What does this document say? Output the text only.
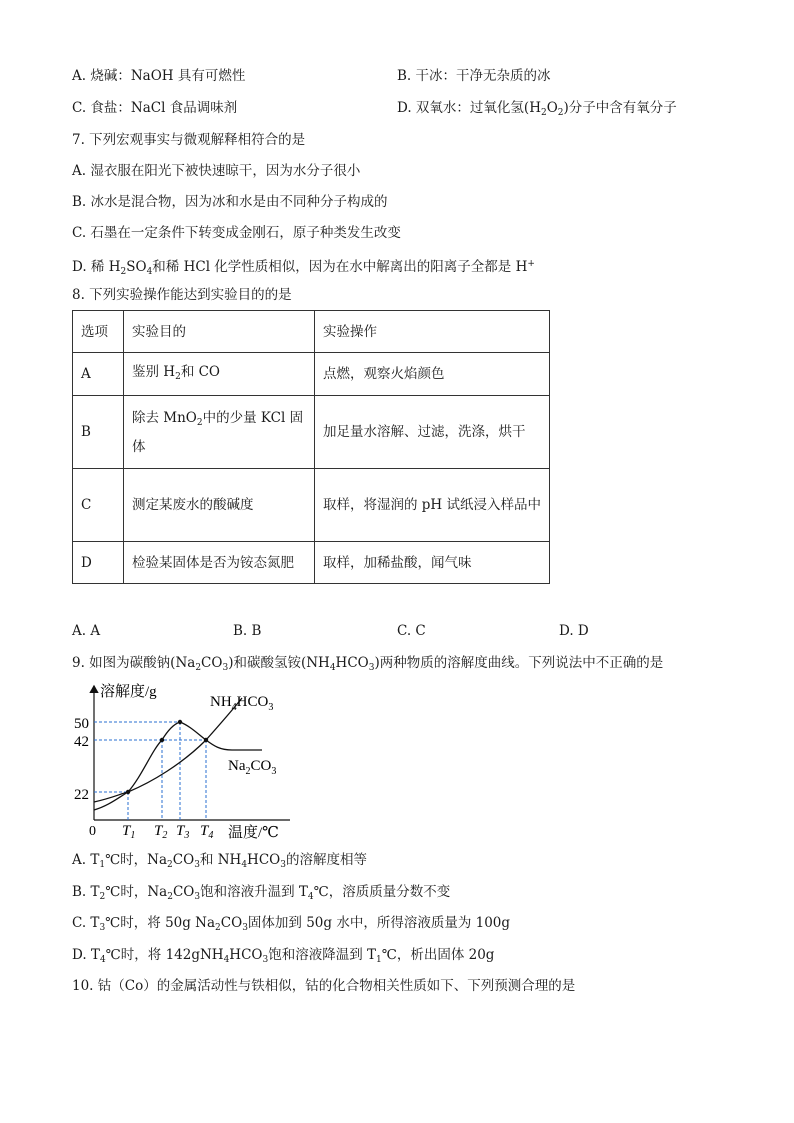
A. 烧碱：NaOH 具有可燃性	B. 干冰：干净无杂质的冰
C. 食盐：NaCl 食品调味剂	D. 双氧水：过氧化氢$(H_2O_2)$分子中含有氧分子
7. 下列宏观事实与微观解释相符合的是
A. 湿衣服在阳光下被快速晾干，因为水分子很小
B. 冰水是混合物，因为冰和水是由不同种分子构成的
C. 石墨在一定条件下转变成金刚石，原子种类发生改变
D. 稀 $H_2SO_4$和稀 HCl 化学性质相似，因为在水中解离出的阳离子全都是 H+
8. 下列实验操作能达到实验目的的是
选项	实验目的	实验操作
A	鉴别 $H_2$和 CO	点燃，观察火焰颜色
B	除去 MnO$_2$中的少量 KCl 固体	加足量水溶解、过滤，洗涤，烘干
C	测定某废水的酸碱度	取样，将湿润的 pH 试纸浸入样品中
D	检验某固体是否为铵态氮肥	取样，加稀盐酸，闻气味
A. A	B. B	C. C	D. D
9. 如图为碳酸钠$(Na_2CO_3)$和碳酸氢铵$(NH_4HCO_3)$两种物质的溶解度曲线。下列说法中不正确的是
溶解度/g
0	温度/℃
50
42
22
$NH_4HCO_3$
$Na_2CO_3$
$T_1$ $T_2$ $T_3$ $T_4$
A. $T_1℃$时，$Na_2CO_3$和 $NH_4HCO_3$的溶解度相等
B. $T_2℃$时，$Na_2CO_3$饱和溶液升温到 $T_4℃$，溶质质量分数不变
C. $T_3℃$时，将 50g $Na_2CO_3$固体加到 50g 水中，所得溶液质量为 100g
D. $T_4℃$时，将 $142gNH_4HCO_3$饱和溶液降温到 $T_1℃$，析出固体 20g
10. 钴（Co）的金属活动性与铁相似，钴的化合物相关性质如下、下列预测合理的是
